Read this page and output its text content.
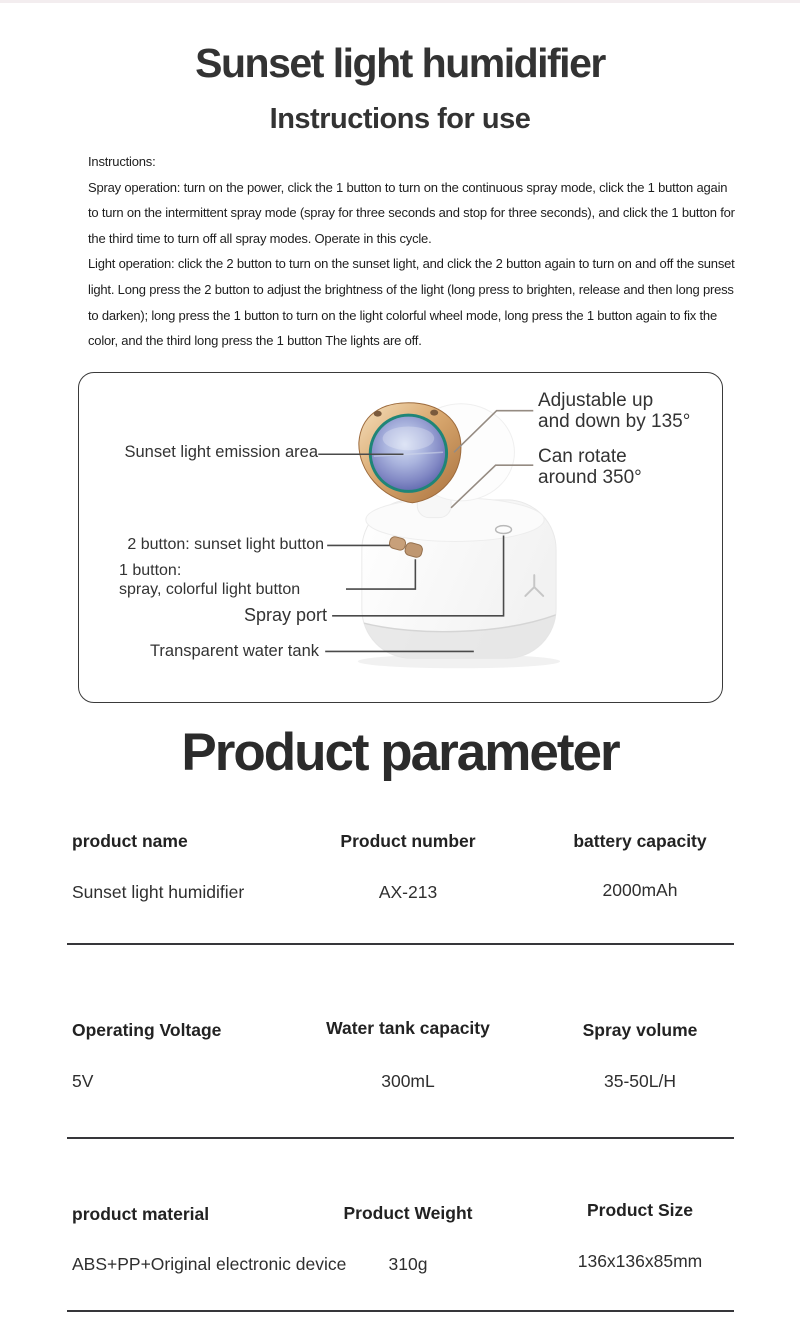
Sunset light humidifier
Instructions for use

Instructions:

Spray operation: turn on the power, click the 1 button to turn on the continuous spray mode, click the 1 button again to turn on the intermittent spray mode (spray for three seconds and stop for three seconds), and click the 1 button for the third time to turn off all spray modes. Operate in this cycle.

Light operation: click the 2 button to turn on the sunset light, and click the 2 button again to turn on and off the sunset light. Long press the 2 button to adjust the brightness of the light (long press to brighten, release and then long press to darken); long press the 1 button to turn on the light colorful wheel mode, long press the 1 button again to fix the color, and the third long press the 1 button The lights are off.

Sunset light emission area
Adjustable up
and down by 135°
Can rotate
around 350°
2 button: sunset light button
1 button:
spray, colorful light button
Spray port
Transparent water tank
Product parameter
product name	Product number	battery capacity
Sunset light humidifier	AX-213	2000mAh
Operating Voltage	Water tank capacity	Spray volume
5V	300mL	35-50L/H
product material	Product Weight	Product Size
ABS+PP+Original electronic device	310g	136x136x85mm
